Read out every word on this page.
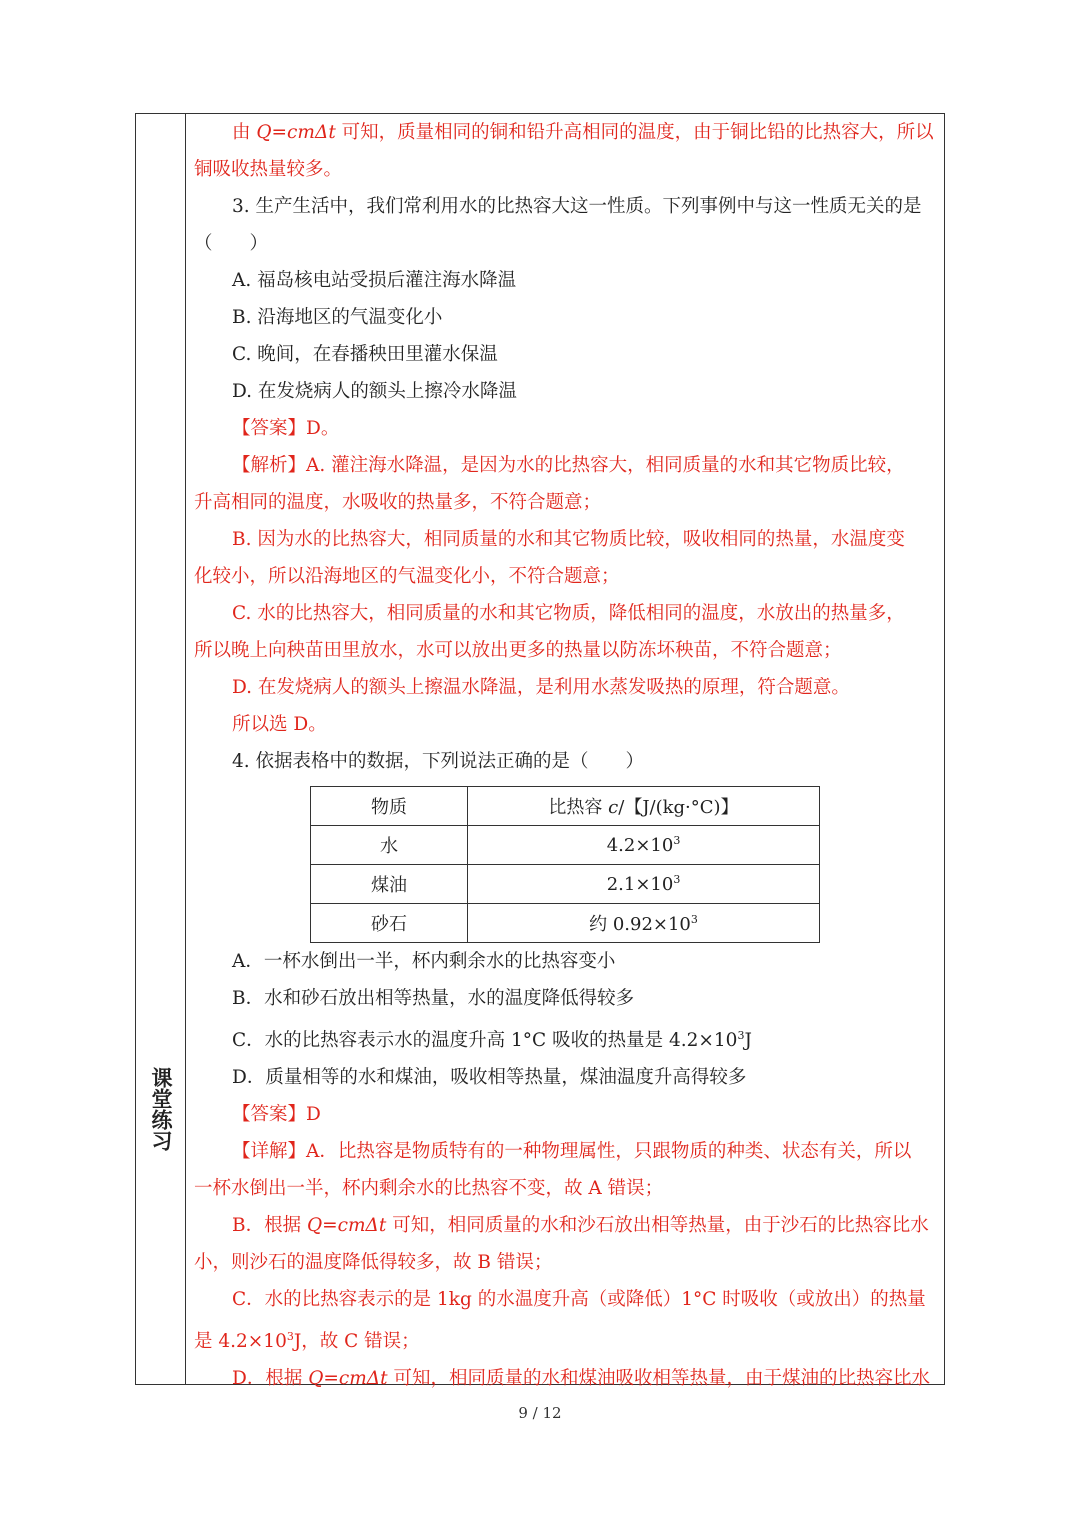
课堂练习
由 Q=cmΔt 可知，质量相同的铜和铅升高相同的温度，由于铜比铅的比热容大，所以
铜吸收热量较多。
3. 生产生活中，我们常利用水的比热容大这一性质。下列事例中与这一性质无关的是
（　　）
A. 福岛核电站受损后灌注海水降温
B. 沿海地区的气温变化小
C. 晚间，在春播秧田里灌水保温
D. 在发烧病人的额头上擦冷水降温
【答案】D。
【解析】A. 灌注海水降温，是因为水的比热容大，相同质量的水和其它物质比较，
升高相同的温度，水吸收的热量多，不符合题意；
B. 因为水的比热容大，相同质量的水和其它物质比较，吸收相同的热量，水温度变
化较小，所以沿海地区的气温变化小，不符合题意；
C. 水的比热容大，相同质量的水和其它物质，降低相同的温度，水放出的热量多，
所以晚上向秧苗田里放水，水可以放出更多的热量以防冻坏秧苗，不符合题意；
D. 在发烧病人的额头上擦温水降温，是利用水蒸发吸热的原理，符合题意。
所以选 D。
4. 依据表格中的数据，下列说法正确的是（　　）
物质	比热容 c/【J/(kg·°C)】
水	$4.2\times 10^3$
煤油	$2.1\times 10^3$
砂石	约 $0.92\times 10^3$
A．一杯水倒出一半，杯内剩余水的比热容变小
B．水和砂石放出相等热量，水的温度降低得较多
C．水的比热容表示水的温度升高 1°C 吸收的热量是 $4.2\times 10^3J$
D．质量相等的水和煤油，吸收相等热量，煤油温度升高得较多
【答案】D
【详解】A．比热容是物质特有的一种物理属性，只跟物质的种类、状态有关，所以
一杯水倒出一半，杯内剩余水的比热容不变，故 A 错误；
B．根据 Q=cmΔt 可知，相同质量的水和沙石放出相等热量，由于沙石的比热容比水
小，则沙石的温度降低得较多，故 B 错误；
C．水的比热容表示的是 1kg 的水温度升高（或降低）1°C 时吸收（或放出）的热量
是 $4.2\times 10^3J$，故 C 错误；
D．根据 Q=cmΔt 可知，相同质量的水和煤油吸收相等热量，由于煤油的比热容比水
9 / 12
